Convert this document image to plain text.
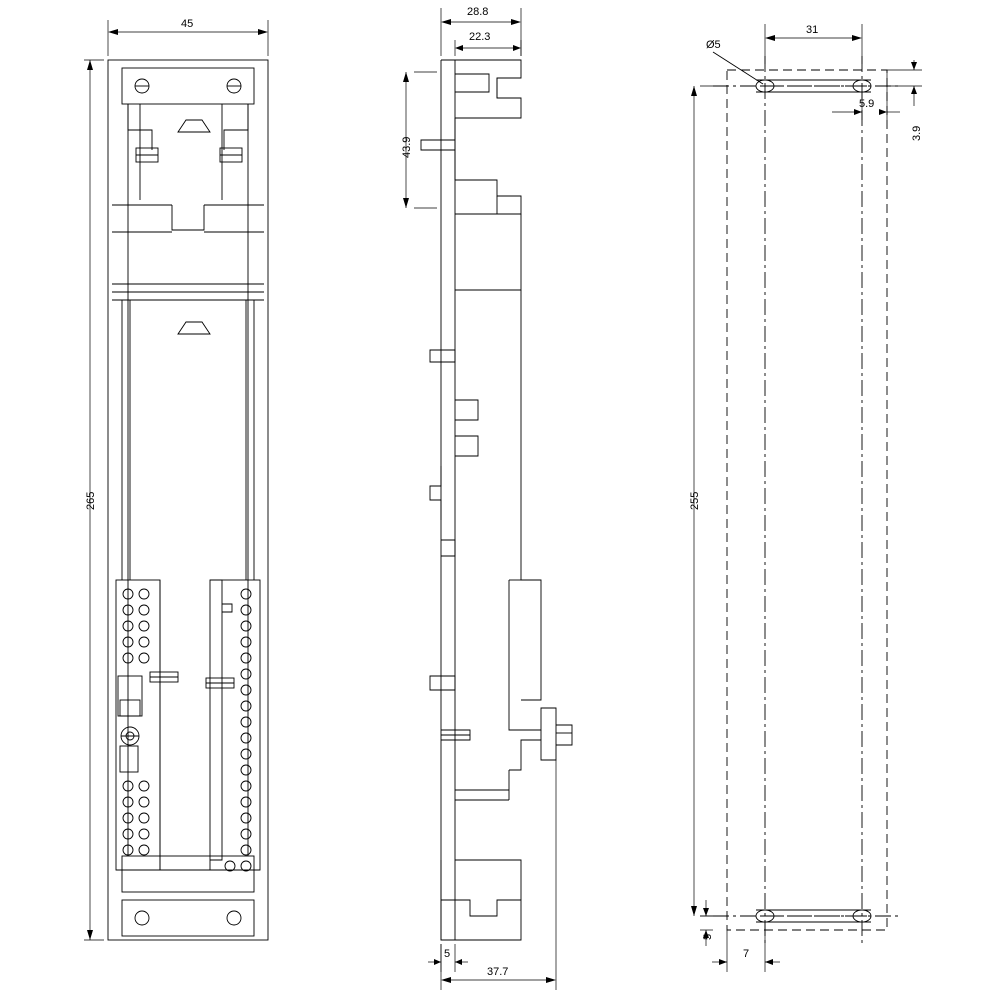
45
265
28.8
22.3
43.9
5
37.7
Ø5
31
5.9
3.9
255
5
7
